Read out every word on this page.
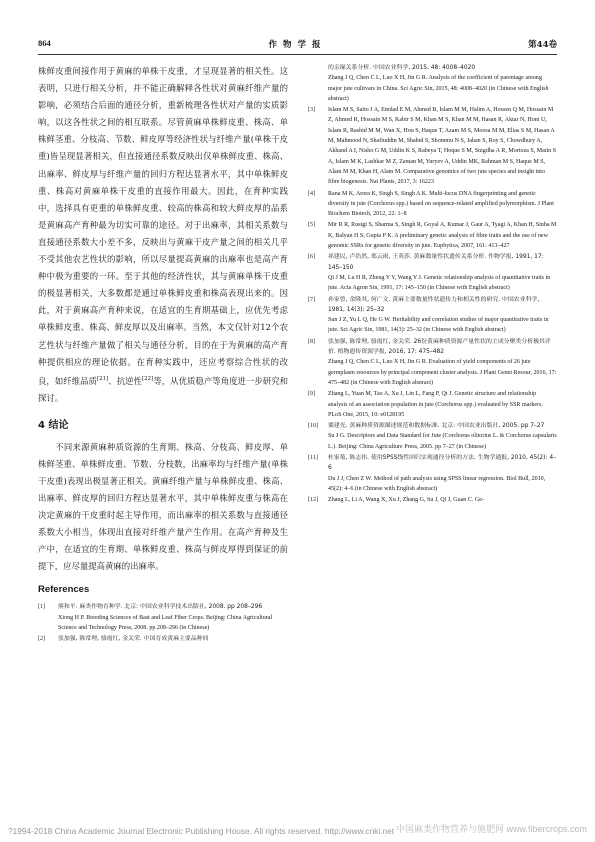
864	作物学报	第44卷

株鲜皮重间接作用于黄麻的单株干皮重，才呈现显著的相关性。这表明，只进行相关分析，并不能正确解释各性状对黄麻纤维产量的影响，必须结合后面的通径分析，重新梳理各性状对产量的实质影响，以这各性状之间的相互联系。尽管黄麻单株鲜皮重、株高、单株鲜茎重、分枝高、节数、鲜皮厚等经济性状与纤维产量(单株干皮重)皆呈现显著相关，但直接通径系数反映出仅单株鲜皮重、株高、出麻率、鲜皮厚与纤维产量的回归方程达显著水平，其中单株鲜皮重、株高对黄麻单株干皮重的直接作用最大。因此，在育种实践中，选择具有更重的单株鲜皮重、较高的株高和较大鲜皮厚的品系是黄麻高产育种最为切实可靠的途径。对于出麻率，其相关系数与直接通径系数大小差不多，反映出与黄麻干皮产量之间的相关几乎不受其他农艺性状的影响，所以尽量提高黄麻的出麻率也是高产育种中极为重要的一环。至于其他的经济性状，其与黄麻单株干皮重的极显著相关，大多数都是通过单株鲜皮重和株高表现出来的。因此，对于黄麻高产育种来说，在适宜的生育期基础上，应优先考虑单株鲜皮重、株高、鲜皮厚以及出麻率。当然，本文仅针对12个农艺性状与纤维产量做了相关与通径分析，目的在于为黄麻的高产育种提供相应的理论依据。在育种实践中，还应考察综合性状的改良，如纤维品质[21]、抗逆性[22]等，从优质稳产等角度进一步研究和探讨。

4 结论

不同来源黄麻种质资源的生育期、株高、分枝高、鲜皮厚、单株鲜茎重、单株鲜皮重、节数、分枝数，出麻率均与纤维产量(单株干皮重)表现出极显著正相关。黄麻纤维产量与单株鲜皮重、株高、出麻率、鲜皮厚的回归方程达显著水平，其中单株鲜皮重与株高在决定黄麻的干皮重时起主导作用，而出麻率的相关系数与直接通径系数大小相当，体现出直接对纤维产量产生作用。在高产育种及生产中，在适宜的生育期、单株鲜皮重、株高与鲜皮厚得到保证的前提下，应尽量提高黄麻的出麻率。

References
[1] 熊和平. 麻类作物育种学. 北京: 中国农业科学技术出版社, 2008. pp 208–296

Xiong H P. Breeding Sciences of Bast and Leaf Fiber Crops. Beijing: China Agricultural Science and Technology Press, 2008. pp 208–296 (in Chinese)

[2] 张加强, 陈常理, 骆霞红, 金关荣. 中国育成黄麻主要品种间

的亲缘关系分析. 中国农业科学, 2015, 48: 4008–4020

Zhang J Q, Chen C L, Luo X H, Jin G R. Analysis of the coefficient of parentage among major jute cultivars in China. Sci Agric Sin, 2015, 48: 4008–4020 (in Chinese with English abstract)

[3] Islam M S, Saito J A, Emdad E M, Ahmed B, Islam M M, Halim A, Hossen Q M, Hossain M Z, Ahmed R, Hossain M S, Kabir S M, Khan M S, Khan M M, Hasan R, Aktar N, Honi U, Islam R, Rashid M M, Wan X, Hou S, Haque T, Azam M S, Moosa M M, Elias S M, Hasan A M, Mahmood N, Shafiuddin M, Shahid S, Shommu N S, Jahan S, Roy S, Chowdhury A, Akhand A I, Nisho G M, Uddin K S, Rabeya T, Hoque S M, Snigdha A R, Mortoza S, Matin S A, Islam M K, Lashkar M Z, Zaman M, Yuryev A, Uddin MK, Rahman M S, Haque M S, Alam M M, Khan H, Alam M. Comparative genomics of two jute species and insight into fibre biogenesis. Nat Plants, 2017, 3: 16223

[4] Rana M K, Arora K, Singh S, Singh A K. Multi-locus DNA fingerprinting and genetic diversity in jute (Corchorus spp.) based on sequence-related amplified polymorphism. J Plant Biochem Biotech, 2012, 22: 1–8

[5] Mir R R, Rustgi S, Sharma S, Singh R, Goyal A, Kumar J, Gaur A, Tyagi A, Khan H, Sinha M K, Balyan H S, Gupta P K. A preliminary genetic analysis of fibre traits and the use of new genomic SSRs for genetic diversity in jute. Euphytica, 2007, 161: 413–427

[6] 祁建民, 卢浩然, 郑云雨, 王英莎. 黄麻数量性状遗传关系分析. 作物学报, 1991, 17: 145–150

Qi J M, Lu H R, Zheng Y Y, Wang Y J. Genetic relationship analysis of quantitative traits in jute. Acta Agron Sin, 1991, 17: 145–150 (in Chinese with English abstract)

[7] 孙家曾, 余隆其, 何广文. 黄麻主要数量性状遗传力和相关性的研究. 中国农业科学, 1981, 14(3): 25–32

Sun J Z, Yu L Q, He G W. Heritability and correlation studies of major quantitative traits in jute. Sci Agric Sin, 1981, 14(3): 25–32 (in Chinese with English abstract)

[8] 张加强, 陈常理, 骆霞红, 金关荣. 26份黄麻种质资源产量性状的主成分聚类分析极其评价. 植物遗传资源学报, 2016, 17: 475–482

Zhang J Q, Chen C L, Luo X H, Jin G R. Evaluation of yield components of 26 jute germplasm resources by principal component cluster analysis. J Plant Genet Resour, 2016, 17: 475–482 (in Chinese with English abstract)

[9] Zhang L, Yuan M, Tao A, Xu J, Lin L, Fang P, Qi J. Genetic structure and relationship analysis of an association population in jute (Corchorus spp.) evaluated by SSR markers. PLoS One, 2015, 10: e0128195

[10] 粟建光. 黄麻种质资源描述规范和数据标准. 北京: 中国农业出版社, 2005. pp 7–27

Su J G. Descriptors and Data Standard for Jute (Corchorus olitorius L. & Corchorus capsularis L.). Beijing: China Agriculture Press, 2005. pp 7–27 (in Chinese)

[11] 杜家菊, 陈志伟. 使用SPSS线性回归实现通径分析的方法. 生物学通报, 2010, 45(2): 4–6

Du J J, Chen Z W. Method of path analysis using SPSS linear regression. Biol Bull, 2010, 45(2): 4–6 (in Chinese with English abstract)

[12] Zhang L, Li A, Wang X, Xu J, Zhang G, Su J, Qi J, Guan C. Ge-

?1994-2018 China Academic Journal Electronic Publishing House. All rights reserved. http://www.cnki.net 中国麻类作物营养与施肥网 www.fibercrops.com
